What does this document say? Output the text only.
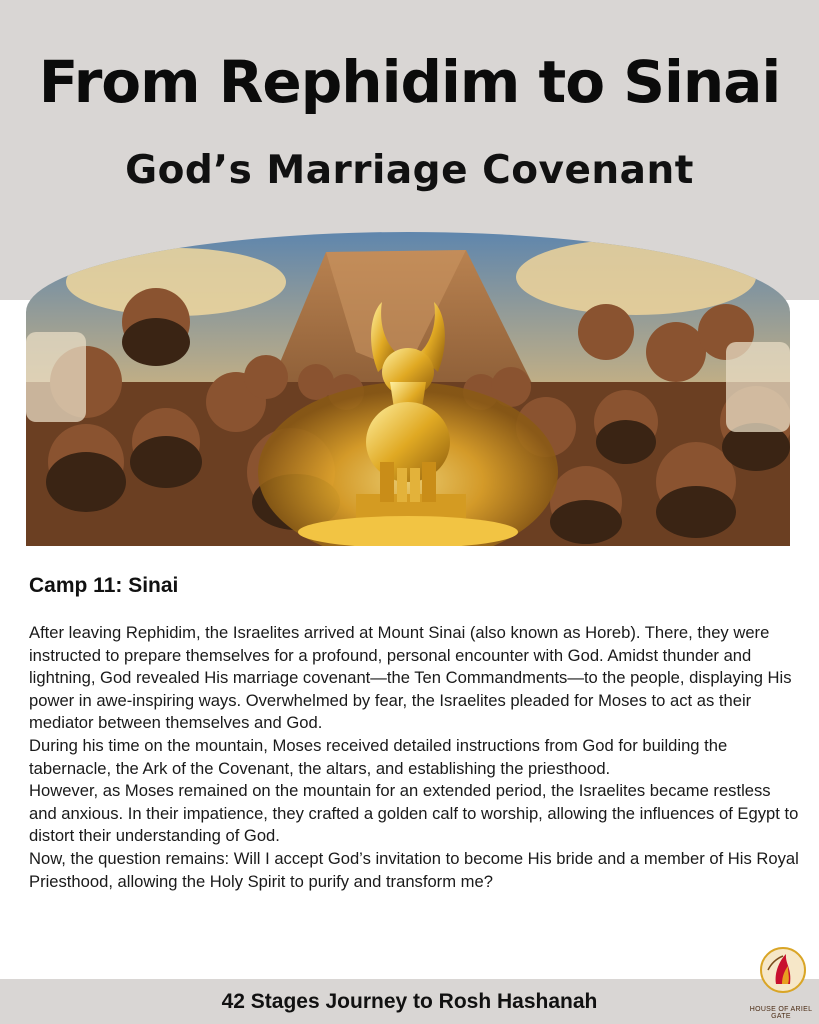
From Rephidim to Sinai
God’s Marriage Covenant
Camp 11: Sinai

After leaving Rephidim, the Israelites arrived at Mount Sinai (also known as Horeb). There, they were instructed to prepare themselves for a profound, personal encounter with God. Amidst thunder and lightning, God revealed His marriage covenant—the Ten Commandments—to the people, displaying His power in awe-inspiring ways. Overwhelmed by fear, the Israelites pleaded for Moses to act as their mediator between themselves and God.

During his time on the mountain, Moses received detailed instructions from God for building the tabernacle, the Ark of the Covenant, the altars, and establishing the priesthood.

However, as Moses remained on the mountain for an extended period, the Israelites became restless and anxious. In their impatience, they crafted a golden calf to worship, allowing the influences of Egypt to distort their understanding of God.

Now, the question remains: Will I accept God’s invitation to become His bride and a member of His Royal Priesthood, allowing the Holy Spirit to purify and transform me?

42 Stages Journey to Rosh Hashanah	HOUSE OF ARIEL GATE
